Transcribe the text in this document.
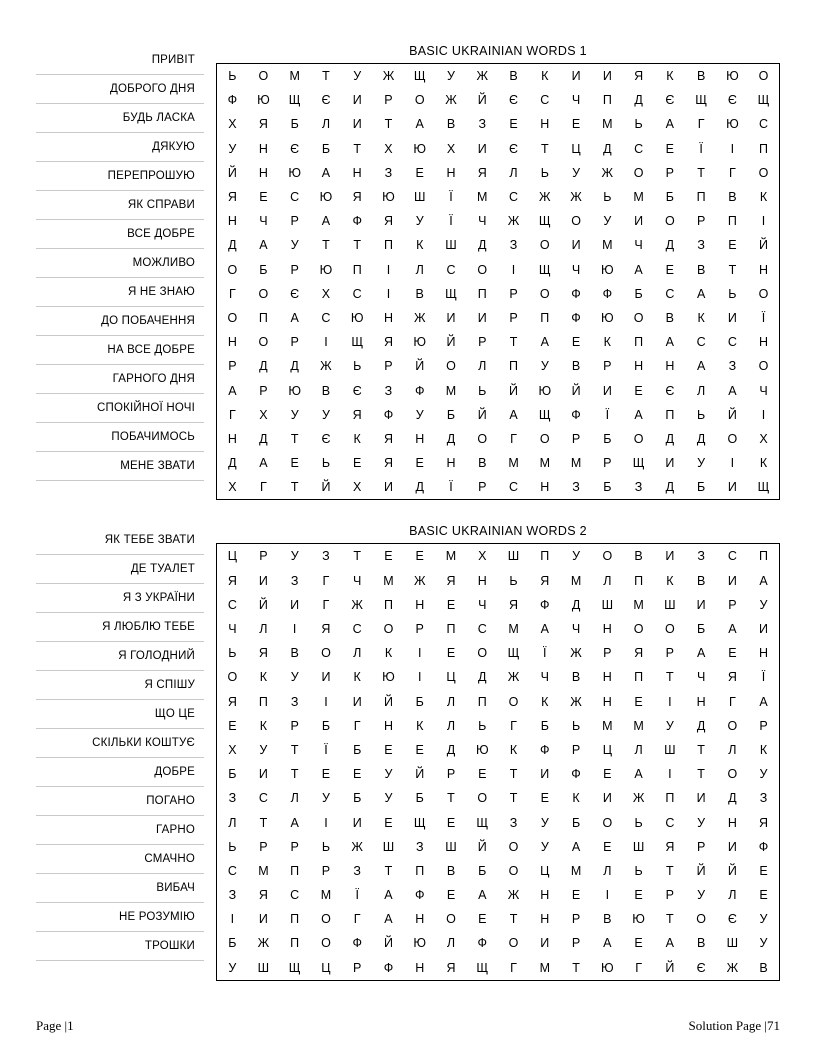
ПРИВІТ
ДОБРОГО ДНЯ
БУДЬ ЛАСКА
ДЯКУЮ
ПЕРЕПРОШУЮ
ЯК СПРАВИ
ВСЕ ДОБРЕ
МОЖЛИВО
Я НЕ ЗНАЮ
ДО ПОБАЧЕННЯ
НА ВСЕ ДОБРЕ
ГАРНОГО ДНЯ
СПОКІЙНОЇ НОЧІ
ПОБАЧИМОСЬ
МЕНЕ ЗВАТИ
BASIC UKRAINIAN WORDS 1
Ь	О	М	Т	У	Ж	Щ	У	Ж	В	К	И	И	Я	К	В	Ю	О
Ф	Ю	Щ	Є	И	Р	О	Ж	Й	Є	С	Ч	П	Д	Є	Щ	Є	Щ
Х	Я	Б	Л	И	Т	А	В	З	Е	Н	Е	М	Ь	А	Г	Ю	С
У	Н	Є	Б	Т	Х	Ю	Х	И	Є	Т	Ц	Д	С	Е	Ї	І	П
Й	Н	Ю	А	Н	З	Е	Н	Я	Л	Ь	У	Ж	О	Р	Т	Г	О
Я	Е	С	Ю	Я	Ю	Ш	Ї	М	С	Ж	Ж	Ь	М	Б	П	В	К
Н	Ч	Р	А	Ф	Я	У	Ї	Ч	Ж	Щ	О	У	И	О	Р	П	І
Д	А	У	Т	Т	П	К	Ш	Д	З	О	И	М	Ч	Д	З	Е	Й
О	Б	Р	Ю	П	І	Л	С	О	І	Щ	Ч	Ю	А	Е	В	Т	Н
Г	О	Є	Х	С	І	В	Щ	П	Р	О	Ф	Ф	Б	С	А	Ь	О
О	П	А	С	Ю	Н	Ж	И	И	Р	П	Ф	Ю	О	В	К	И	Ї
Н	О	Р	І	Щ	Я	Ю	Й	Р	Т	А	Е	К	П	А	С	С	Н
Р	Д	Д	Ж	Ь	Р	Й	О	Л	П	У	В	Р	Н	Н	А	З	О
А	Р	Ю	В	Є	З	Ф	М	Ь	Й	Ю	Й	И	Е	Є	Л	А	Ч
Г	Х	У	У	Я	Ф	У	Б	Й	А	Щ	Ф	Ї	А	П	Ь	Й	І
Н	Д	Т	Є	К	Я	Н	Д	О	Г	О	Р	Б	О	Д	Д	О	Х
Д	А	Е	Ь	Е	Я	Е	Н	В	М	М	М	Р	Щ	И	У	І	К
Х	Г	Т	Й	Х	И	Д	Ї	Р	С	Н	З	Б	З	Д	Б	И	Щ
ЯК ТЕБЕ ЗВАТИ
ДЕ ТУАЛЕТ
Я З УКРАЇНИ
Я ЛЮБЛЮ ТЕБЕ
Я ГОЛОДНИЙ
Я СПІШУ
ЩО ЦЕ
СКІЛЬКИ КОШТУЄ
ДОБРЕ
ПОГАНО
ГАРНО
СМАЧНО
ВИБАЧ
НЕ РОЗУМІЮ
ТРОШКИ
BASIC UKRAINIAN WORDS 2
Ц	Р	У	З	Т	Е	Е	М	Х	Ш	П	У	О	В	И	З	С	П
Я	И	З	Г	Ч	М	Ж	Я	Н	Ь	Я	М	Л	П	К	В	И	А
С	Й	И	Г	Ж	П	Н	Е	Ч	Я	Ф	Д	Ш	М	Ш	И	Р	У
Ч	Л	І	Я	С	О	Р	П	С	М	А	Ч	Н	О	О	Б	А	И
Ь	Я	В	О	Л	К	І	Е	О	Щ	Ї	Ж	Р	Я	Р	А	Е	Н
О	К	У	И	К	Ю	І	Ц	Д	Ж	Ч	В	Н	П	Т	Ч	Я	Ї
Я	П	З	І	И	Й	Б	Л	П	О	К	Ж	Н	Е	І	Н	Г	А
Е	К	Р	Б	Г	Н	К	Л	Ь	Г	Б	Ь	М	М	У	Д	О	Р
Х	У	Т	Ї	Б	Е	Е	Д	Ю	К	Ф	Р	Ц	Л	Ш	Т	Л	К
Б	И	Т	Е	Е	У	Й	Р	Е	Т	И	Ф	Е	А	І	Т	О	У
З	С	Л	У	Б	У	Б	Т	О	Т	Е	К	И	Ж	П	И	Д	З
Л	Т	А	І	И	Е	Щ	Е	Щ	З	У	Б	О	Ь	С	У	Н	Я
Ь	Р	Р	Ь	Ж	Ш	З	Ш	Й	О	У	А	Е	Ш	Я	Р	И	Ф
С	М	П	Р	З	Т	П	В	Б	О	Ц	М	Л	Ь	Т	Й	Й	Е
З	Я	С	М	Ї	А	Ф	Е	А	Ж	Н	Е	І	Е	Р	У	Л	Е
І	И	П	О	Г	А	Н	О	Е	Т	Н	Р	В	Ю	Т	О	Є	У
Б	Ж	П	О	Ф	Й	Ю	Л	Ф	О	И	Р	А	Е	А	В	Ш	У
У	Ш	Щ	Ц	Р	Ф	Н	Я	Щ	Г	М	Т	Ю	Г	Й	Є	Ж	В
Page |1	Solution Page |71
